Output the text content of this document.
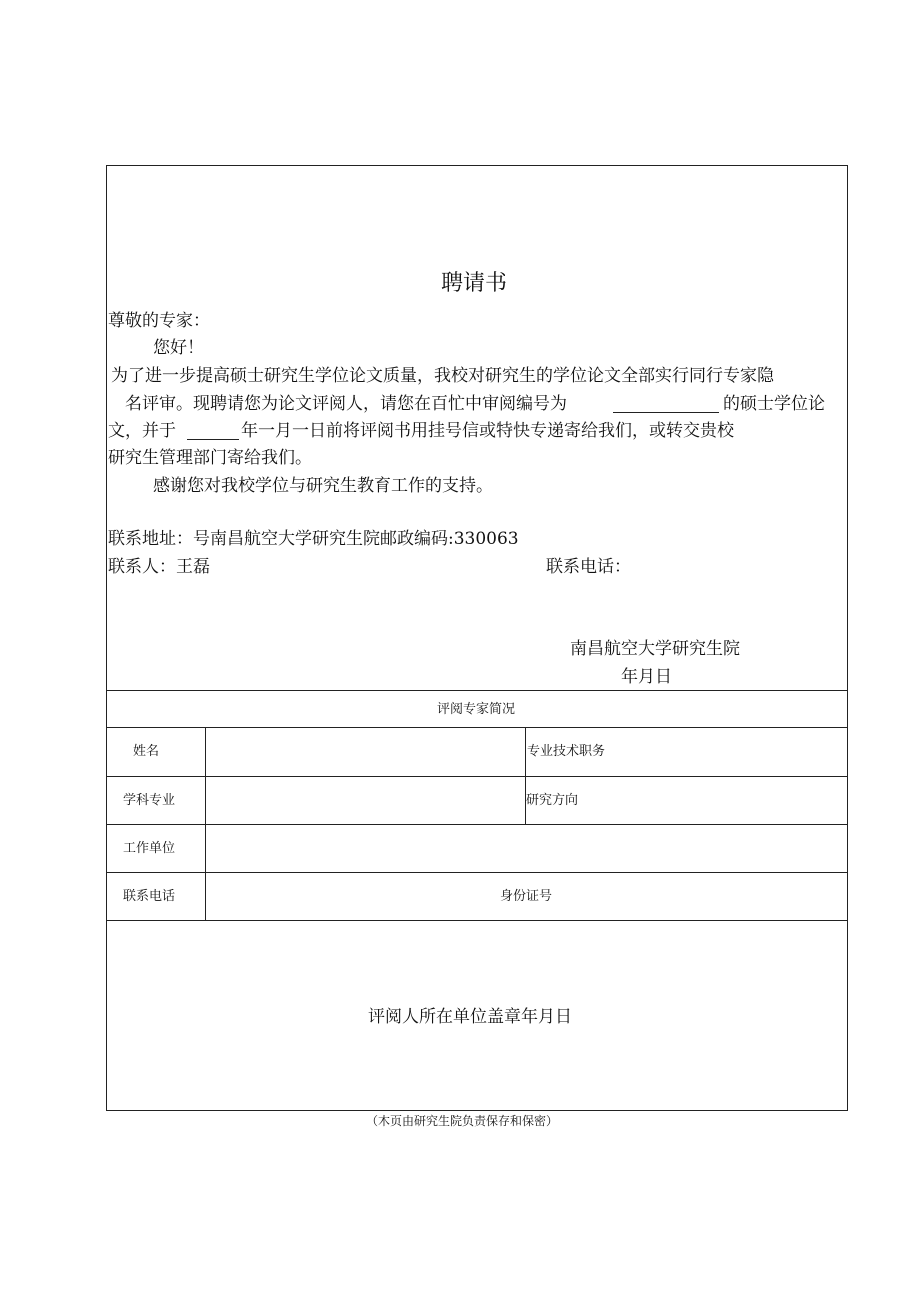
聘请书
尊敬的专家：
您好！
为了进一步提高硕士研究生学位论文质量，我校对研究生的学位论文全部实行同行专家隐
名评审。现聘请您为论文评阅人，请您在百忙中审阅编号为	的硕士学位论
文，并于	年一月一日前将评阅书用挂号信或特快专递寄给我们，或转交贵校
研究生管理部门寄给我们。
感谢您对我校学位与研究生教育工作的支持。
联系地址：号南昌航空大学研究生院邮政编码:330063
联系人：王磊	联系电话：
南昌航空大学研究生院
年月日
评阅专家简况
姓名	专业技术职务
学科专业	研究方向
工作单位
联系电话	身份证号
评阅人所在单位盖章年月日
（木页由研究生院负责保存和保密）
